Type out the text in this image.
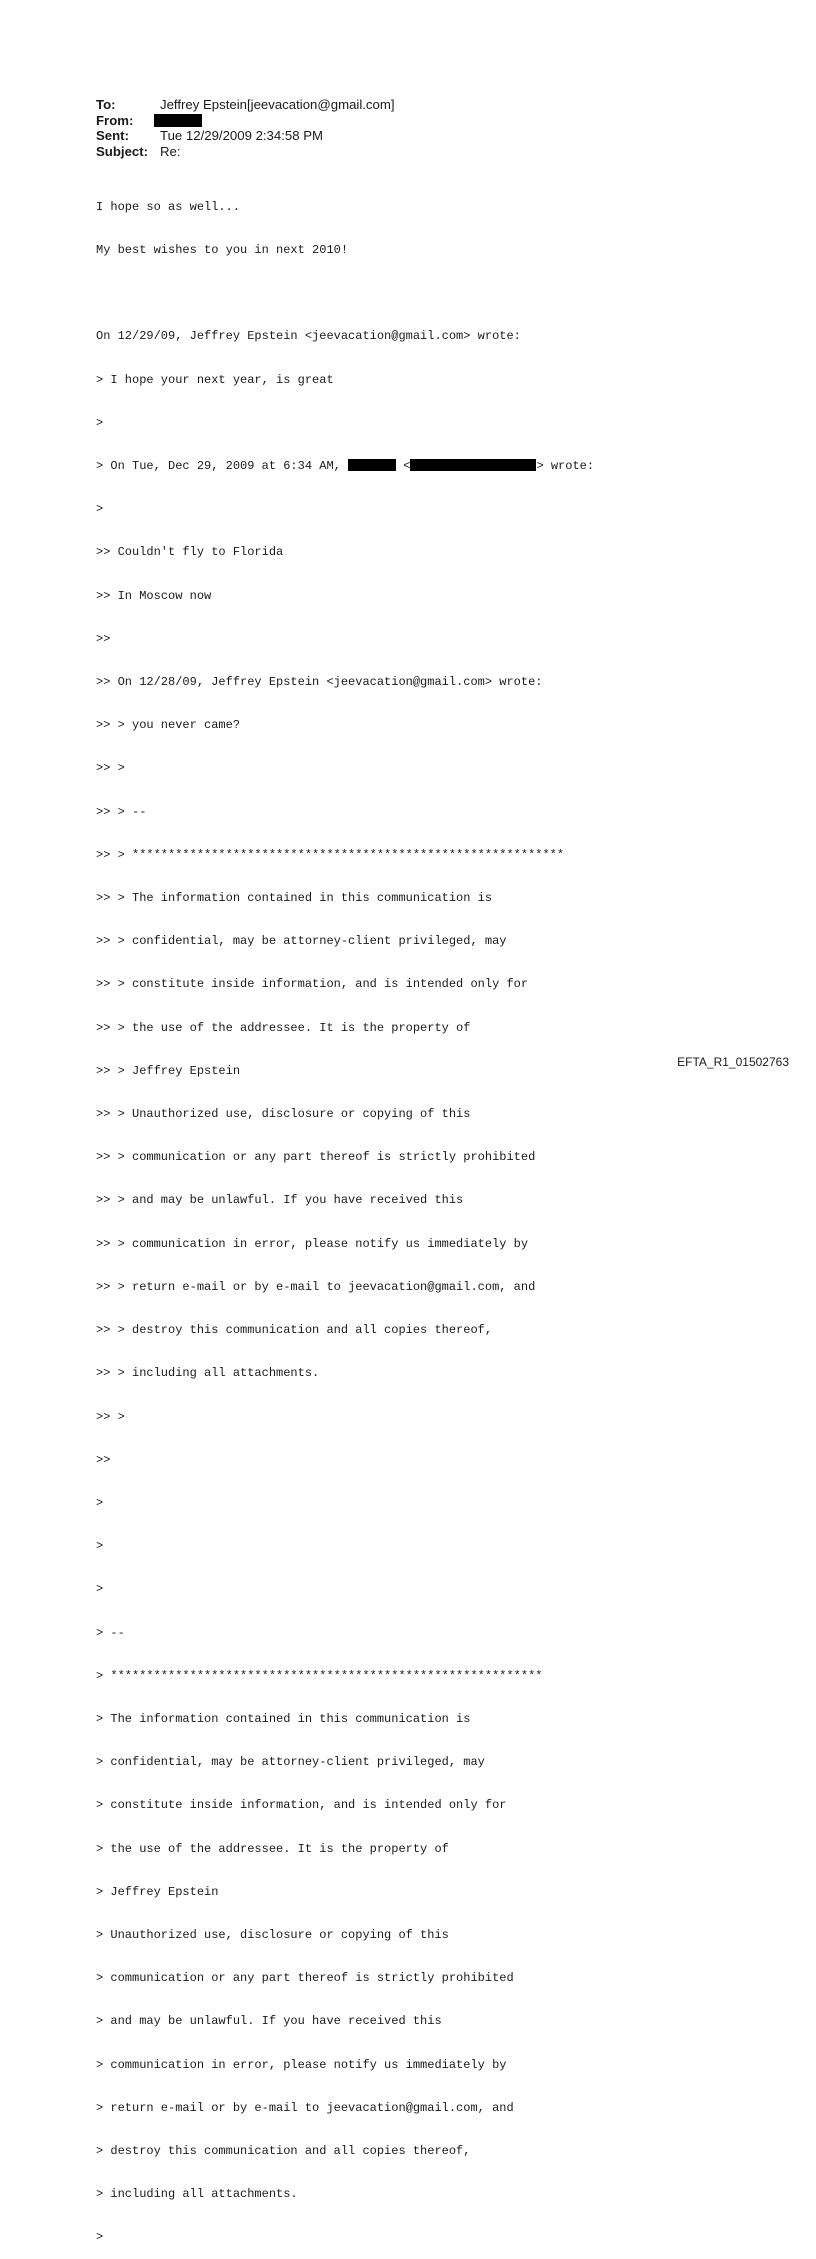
To:	Jeffrey Epstein[jeevacation@gmail.com]
From:
Sent:	Tue 12/29/2009 2:34:58 PM
Subject: Re:

I hope so as well...

My best wishes to you in next 2010!

On 12/29/09, Jeffrey Epstein <jeevacation@gmail.com> wrote:

> I hope your next year, is great

>

> On Tue, Dec 29, 2009 at 6:34 AM,	<	> wrote:

>

>> Couldn't fly to Florida

>> In Moscow now

>>

>> On 12/28/09, Jeffrey Epstein <jeevacation@gmail.com> wrote:

>> > you never came?

>> >

>> > --

>> > ************************************************************

>> > The information contained in this communication is

>> > confidential, may be attorney-client privileged, may

>> > constitute inside information, and is intended only for

>> > the use of the addressee. It is the property of

>> > Jeffrey Epstein

>> > Unauthorized use, disclosure or copying of this

>> > communication or any part thereof is strictly prohibited

>> > and may be unlawful. If you have received this

>> > communication in error, please notify us immediately by

>> > return e-mail or by e-mail to jeevacation@gmail.com, and

>> > destroy this communication and all copies thereof,

>> > including all attachments.

>> >

>>

>

>

>

> --

> ************************************************************

> The information contained in this communication is

> confidential, may be attorney-client privileged, may

> constitute inside information, and is intended only for

> the use of the addressee. It is the property of

> Jeffrey Epstein

> Unauthorized use, disclosure or copying of this

> communication or any part thereof is strictly prohibited

> and may be unlawful. If you have received this

> communication in error, please notify us immediately by

> return e-mail or by e-mail to jeevacation@gmail.com, and

> destroy this communication and all copies thereof,

> including all attachments.

>

EFTA_R1_01502763
